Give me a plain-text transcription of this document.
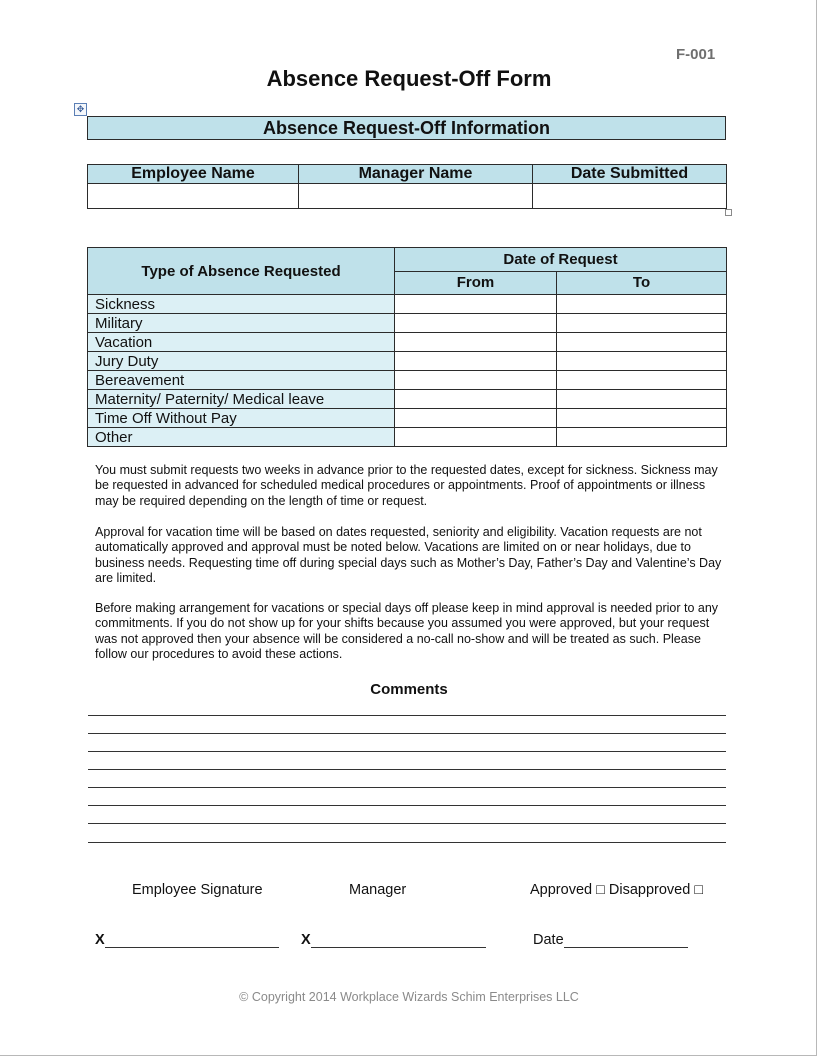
F-001
Absence Request-Off Form
✥
Absence Request-Off Information
Employee Name	Manager Name	Date Submitted

Type of Absence Requested	Date of Request	
	From	To
Sickness		
Military		
Vacation		
Jury Duty		
Bereavement		
Maternity/ Paternity/ Medical leave		
Time Off Without Pay		
Other		
You must submit requests two weeks in advance prior to the requested dates, except for sickness. Sickness may be requested in advanced for scheduled medical procedures or appointments. Proof of appointments or illness may be required depending on the length of time or request.
Approval for vacation time will be based on dates requested, seniority and eligibility. Vacation requests are not automatically approved and approval must be noted below. Vacations are limited on or near holidays, due to business needs. Requesting time off during special days such as Mother’s Day, Father’s Day and Valentine’s Day are limited.
Before making arrangement for vacations or special days off please keep in mind approval is needed prior to any commitments. If you do not show up for your shifts because you assumed you were approved, but your request was not approved then your absence will be considered a no-call no-show and will be treated as such. Please follow our procedures to avoid these actions.
Comments
Employee Signature	Manager	Approved □ Disapproved □
X	X	Date
© Copyright 2014 Workplace Wizards Schim Enterprises LLC
